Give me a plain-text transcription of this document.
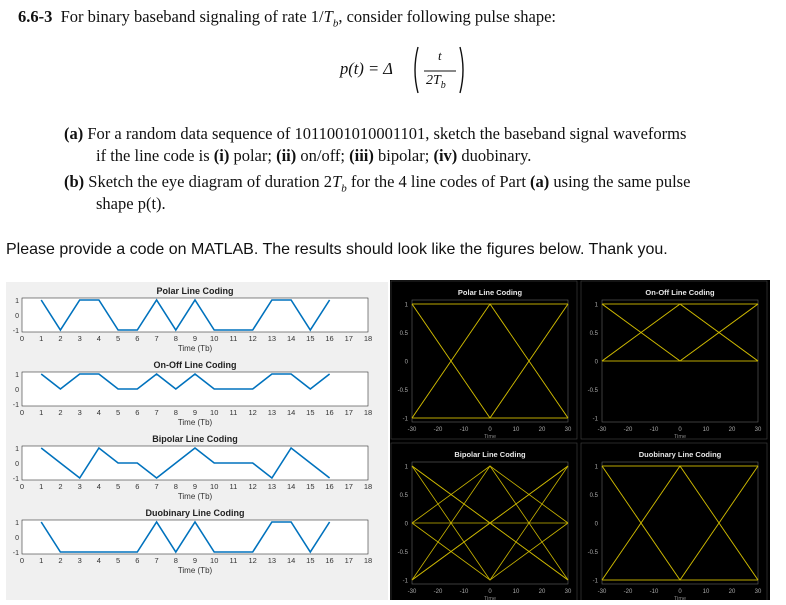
6.6-3 For binary baseband signaling of rate $1/T_b$, consider following pulse shape:
p(t) = Δ
t
$2T_b$
(a) For a random data sequence of 1011001010001101, sketch the baseband signal waveforms
if the line code is (i) polar; (ii) on/off; (iii) bipolar; (iv) duobinary.
(b) Sketch the eye diagram of duration $2T_b$ for the 4 line codes of Part (a) using the same pulse
shape p(t).
Please provide a code on MATLAB. The results should look like the figures below. Thank you.
Polar Line Coding
1
0
-1
0 1 2 3 4 5 6 7 8 9 10 11 12 13 14 15 16 17 18
Time (Tb)
On-Off Line Coding
1
0
-1
0 1 2 3 4 5 6 7 8 9 10 11 12 13 14 15 16 17 18
Time (Tb)
Bipolar Line Coding
1
0
-1
0 1 2 3 4 5 6 7 8 9 10 11 12 13 14 15 16 17 18
Time (Tb)
Duobinary Line Coding
1
0
-1
0 1 2 3 4 5 6 7 8 9 10 11 12 13 14 15 16 17 18
Time (Tb)
Polar Line Coding
1
0.5
0
-0.5
-1
-30	-20	-10	0	10	20	30
Time
On-Off Line Coding
1
0.5
0
-0.5
-1
-30	-20	-10	0	10	20	30
Time
Bipolar Line Coding
1
0.5
0
-0.5
-1
-30	-20	-10	0	10	20	30
Time
Duobinary Line Coding
1
0.5
0
-0.5
-1
-30	-20	-10	0	10	20	30
Time
